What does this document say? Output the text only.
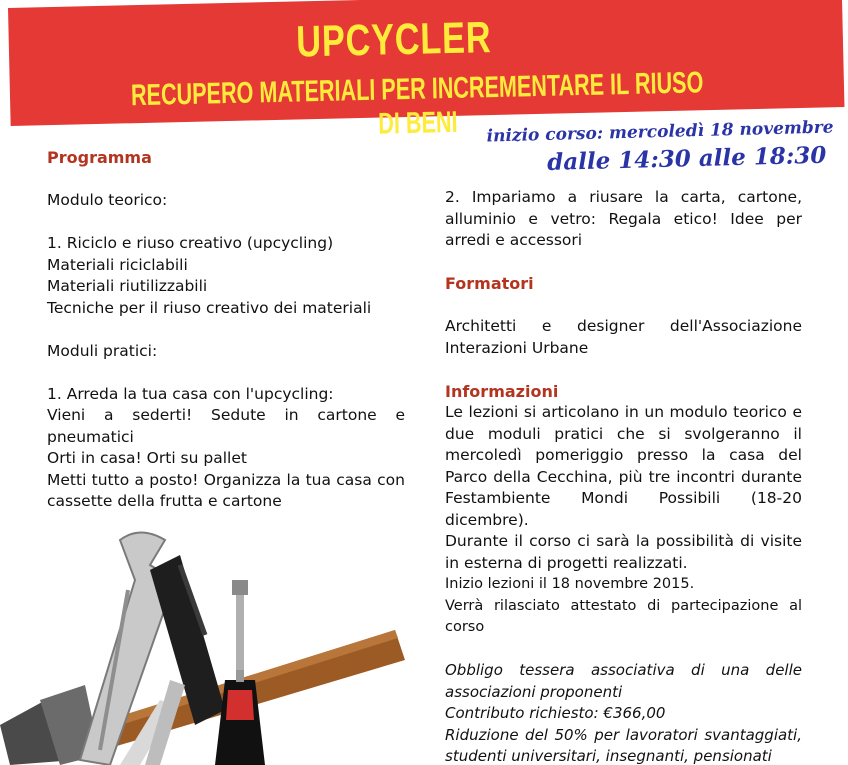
UPCYCLER
RECUPERO MATERIALI PER INCREMENTARE IL RIUSO DI BENI	inizio corso: mercoledì 18 novembre
dalle 14:30 alle 18:30
Programma
Modulo teorico:
1. Riciclo e riuso creativo (upcycling)
Materiali riciclabili
Materiali riutilizzabili
Tecniche per il riuso creativo dei materiali
Moduli pratici:
1. Arreda la tua casa con l'upcycling:
Vieni a sederti! Sedute in cartone e pneumatici
Orti in casa! Orti su pallet
Metti tutto a posto! Organizza la tua casa con cassette della frutta e cartone
2. Impariamo a riusare la carta, cartone, alluminio e vetro: Regala etico! Idee per arredi e accessori
Formatori
Architetti e designer dell'Associazione Interazioni Urbane
Informazioni
Le lezioni si articolano in un modulo teorico e due moduli pratici che si svolgeranno il mercoledì pomeriggio presso la casa del Parco della Cecchina, più tre incontri durante Festambiente Mondi Possibili (18-20 dicembre).
Durante il corso ci sarà la possibilità di visite in esterna di progetti realizzati.
Inizio lezioni il 18 novembre 2015.
Verrà rilasciato attestato di partecipazione al corso
Obbligo tessera associativa di una delle associazioni proponenti
Contributo richiesto: €366,00
Riduzione del 50% per lavoratori svantaggiati, studenti universitari, insegnanti, pensionati
